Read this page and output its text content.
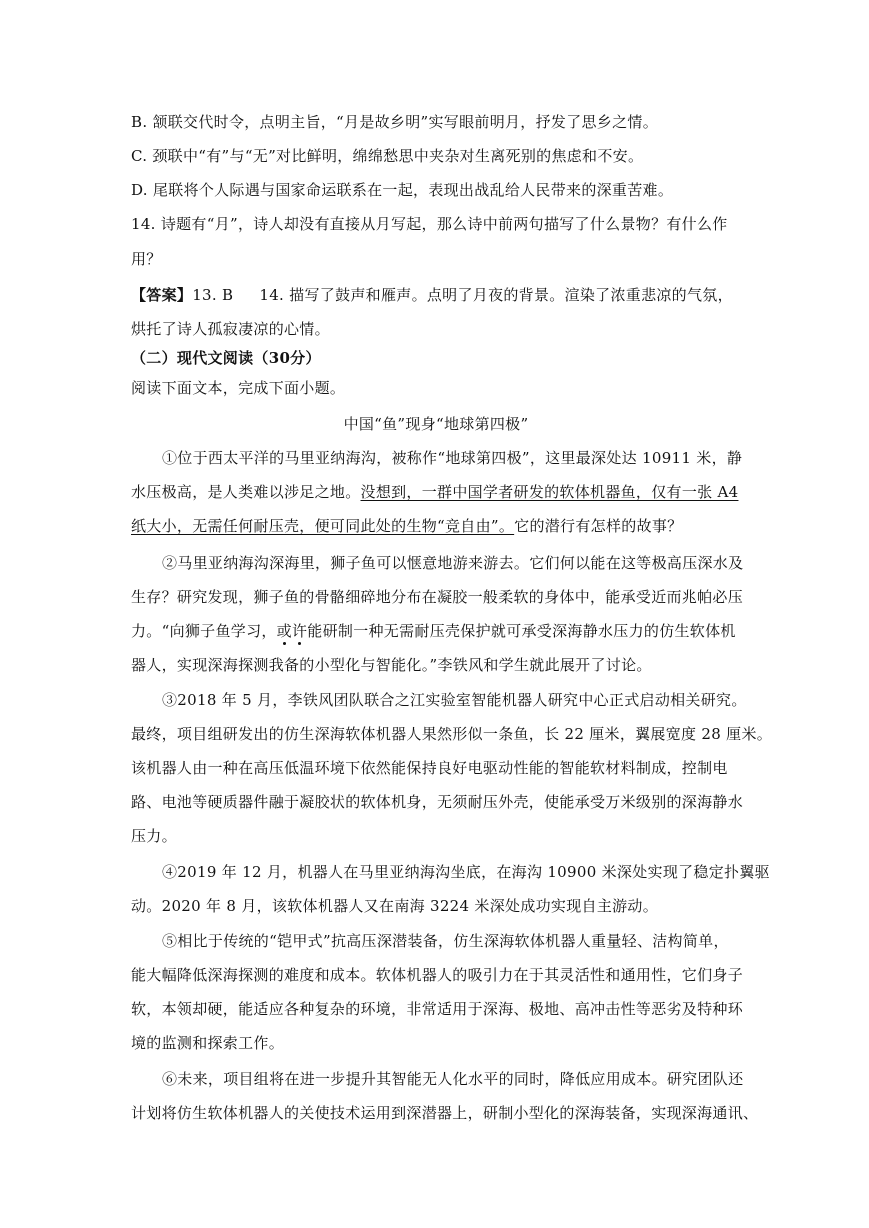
B. 颔联交代时令，点明主旨，“月是故乡明”实写眼前明月，抒发了思乡之情。
C. 颈联中“有”与“无”对比鲜明，绵绵愁思中夹杂对生离死别的焦虑和不安。
D. 尾联将个人际遇与国家命运联系在一起，表现出战乱给人民带来的深重苦难。
14. 诗题有“月”，诗人却没有直接从月写起，那么诗中前两句描写了什么景物？有什么作
用？
【答案】13. B 14. 描写了鼓声和雁声。点明了月夜的背景。渲染了浓重悲凉的气氛，
烘托了诗人孤寂凄凉的心情。
（二）现代文阅读（30分）
阅读下面文本，完成下面小题。
中国“鱼”现身“地球第四极”
①位于西太平洋的马里亚纳海沟，被称作“地球第四极”，这里最深处达 10911 米，静
水压极高，是人类难以涉足之地。没想到，一群中国学者研发的软体机器鱼，仅有一张 A4
纸大小，无需任何耐压壳，便可同此处的生物“竞自由”。它的潜行有怎样的故事？
②马里亚纳海沟深海里，狮子鱼可以惬意地游来游去。它们何以能在这等极高压深水及
生存？研究发现，狮子鱼的骨骼细碎地分布在凝胶一般柔软的身体中，能承受近而兆帕必压
力。“向狮子鱼学习，或许能研制一种无需耐压壳保护就可承受深海静水压力的仿生软体机
器人，实现深海探测我备的小型化与智能化。”李铁风和学生就此展开了讨论。
③2018 年 5 月，李铁风团队联合之江实验室智能机器人研究中心正式启动相关研究。
最终，项目组研发出的仿生深海软体机器人果然形似一条鱼，长 22 厘米，翼展宽度 28 厘米。
该机器人由一种在高压低温环境下依然能保持良好电驱动性能的智能软材料制成，控制电
路、电池等硬质器件融于凝胶状的软体机身，无须耐压外壳，使能承受万米级别的深海静水
压力。
④2019 年 12 月，机器人在马里亚纳海沟坐底，在海沟 10900 米深处实现了稳定扑翼驱
动。2020 年 8 月，该软体机器人又在南海 3224 米深处成功实现自主游动。
⑤相比于传统的“铠甲式”抗高压深潜装备，仿生深海软体机器人重量轻、洁构简单，
能大幅降低深海探测的难度和成本。软体机器人的吸引力在于其灵活性和通用性，它们身子
软，本领却硬，能适应各种复杂的环境，非常适用于深海、极地、高冲击性等恶劣及特种环
境的监测和探索工作。
⑥未来，项目组将在进一步提升其智能无人化水平的同时，降低应用成本。研究团队还
计划将仿生软体机器人的关使技术运用到深潜器上，研制小型化的深海装备，实现深海通讯、
